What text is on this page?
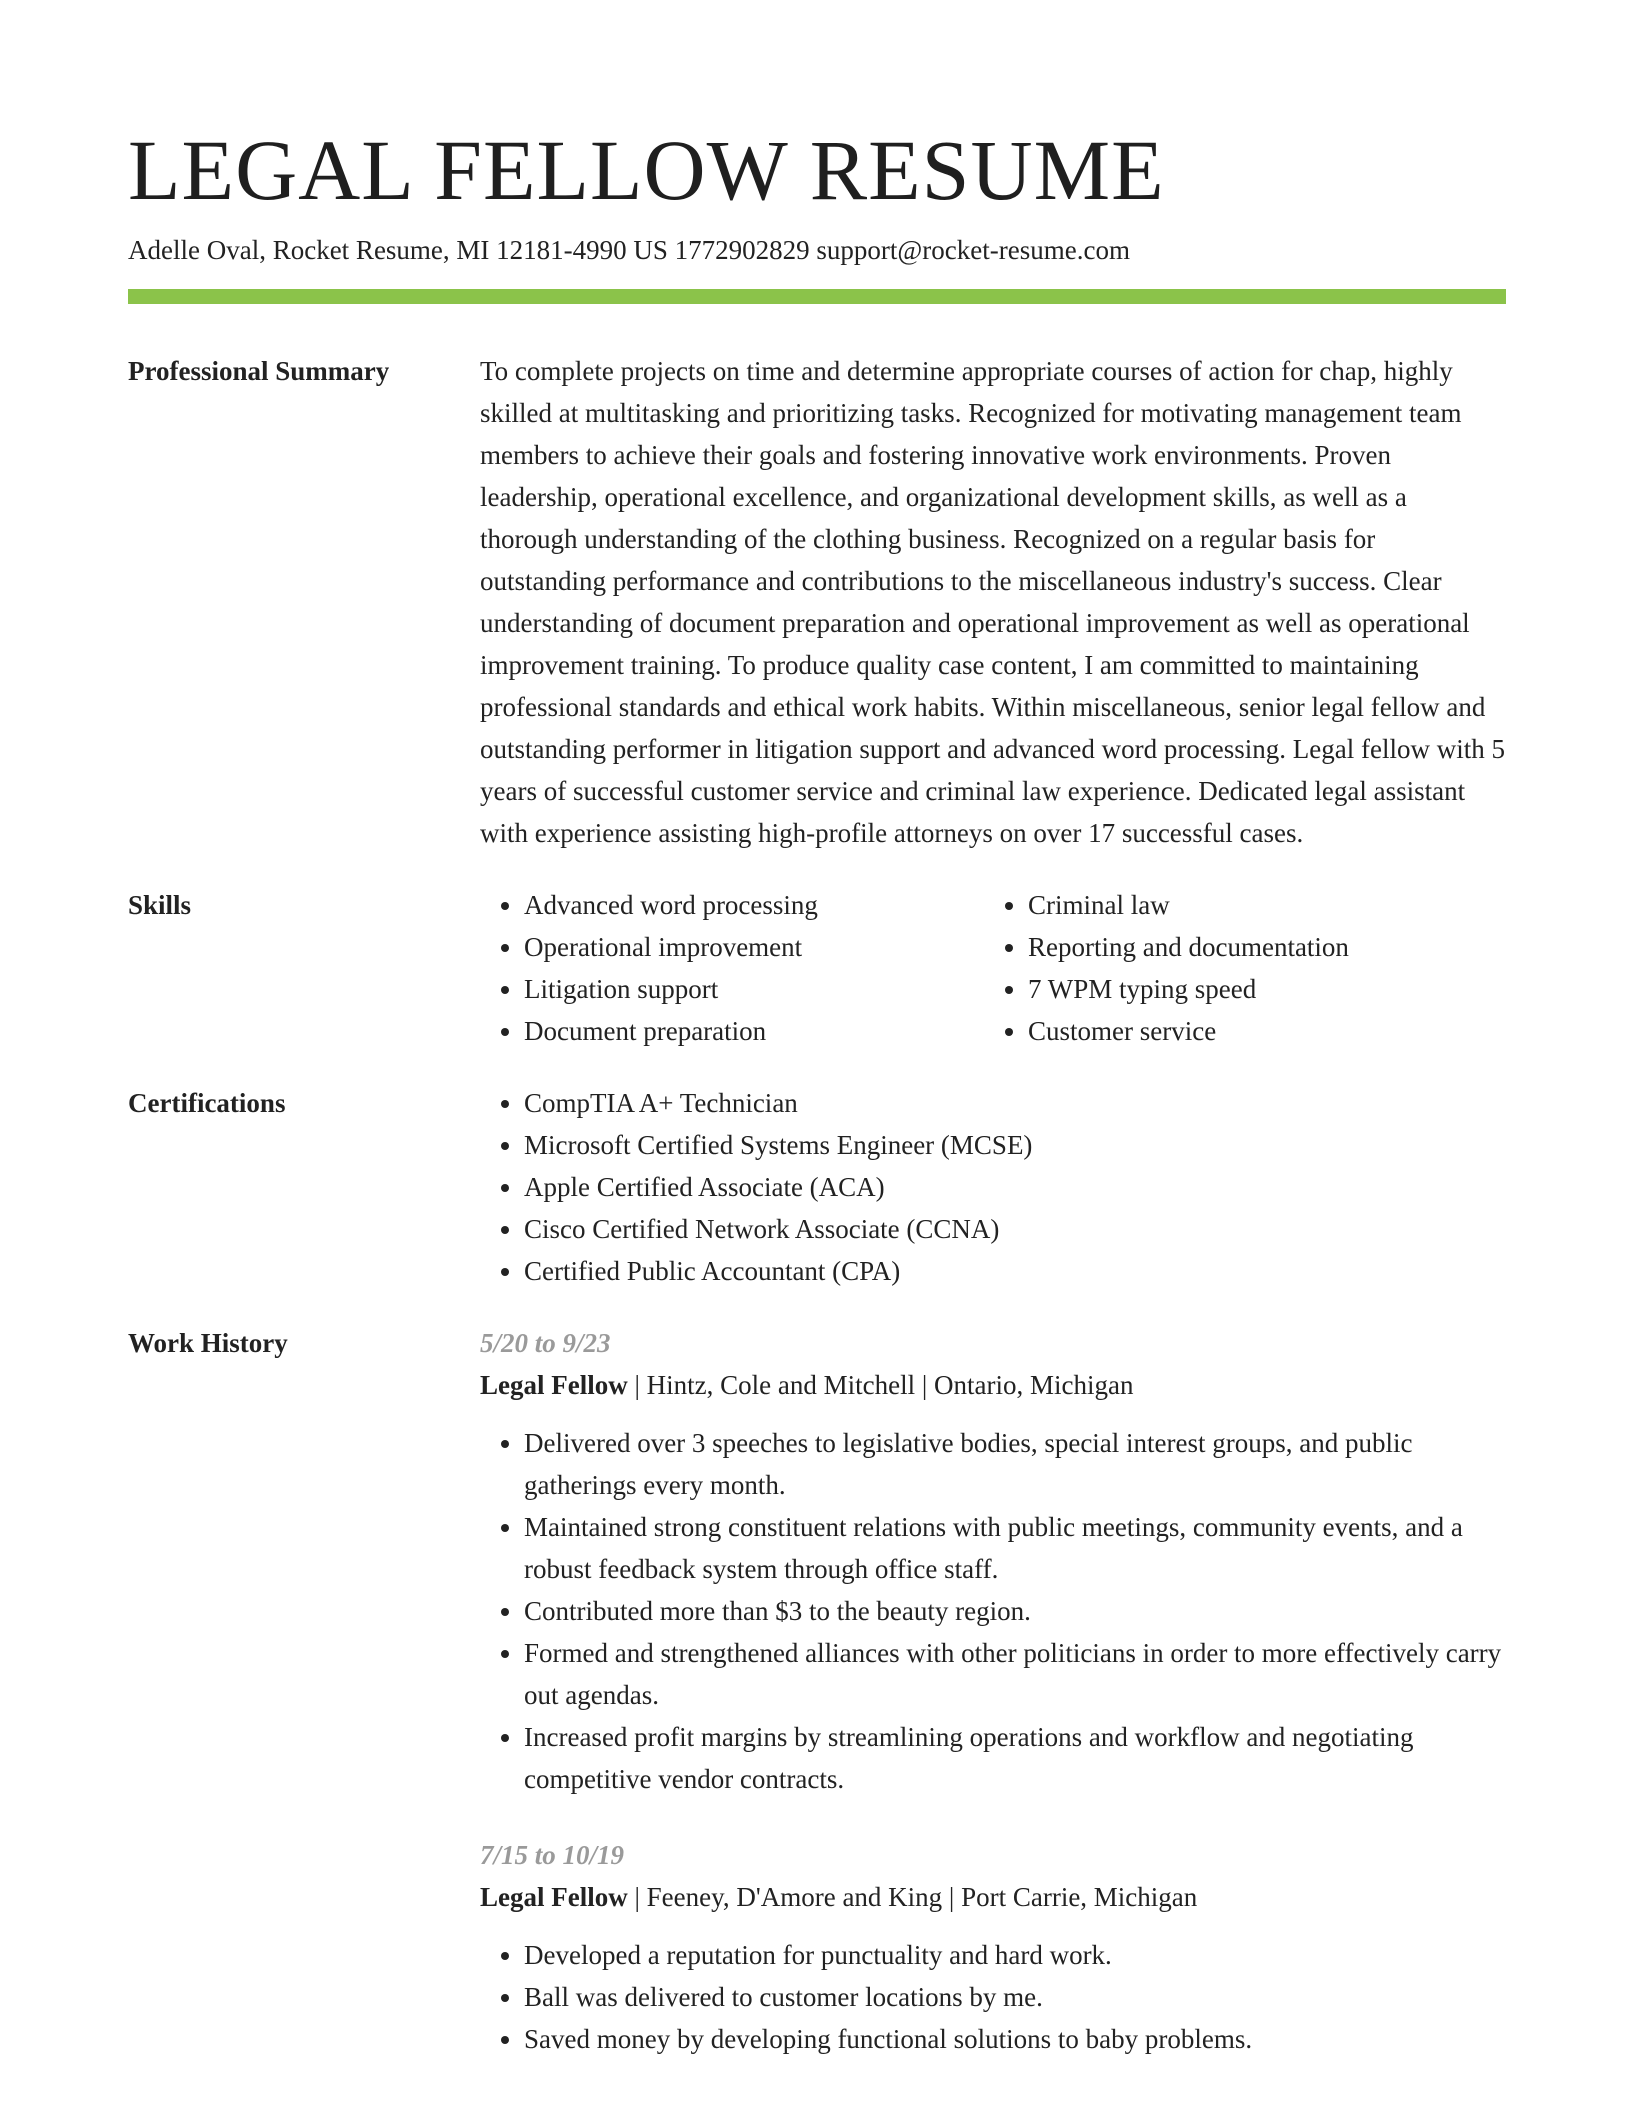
LEGAL FELLOW RESUME
Adelle Oval, Rocket Resume, MI 12181-4990 US 1772902829 support@rocket-resume.com
Professional Summary	To complete projects on time and determine appropriate courses of action for chap, highly skilled at multitasking and prioritizing tasks. Recognized for motivating management team members to achieve their goals and fostering innovative work environments. Proven leadership, operational excellence, and organizational development skills, as well as a thorough understanding of the clothing business. Recognized on a regular basis for outstanding performance and contributions to the miscellaneous industry's success. Clear understanding of document preparation and operational improvement as well as operational improvement training. To produce quality case content, I am committed to maintaining professional standards and ethical work habits. Within miscellaneous, senior legal fellow and outstanding performer in litigation support and advanced word processing. Legal fellow with 5 years of successful customer service and criminal law experience. Dedicated legal assistant with experience assisting high-profile attorneys on over 17 successful cases.

Skills	• Advanced word processing
• Operational improvement
• Litigation support
• Document preparation
• Criminal law
• Reporting and documentation
• 7 WPM typing speed
• Customer service
Certifications	• CompTIA A+ Technician
• Microsoft Certified Systems Engineer (MCSE)
• Apple Certified Associate (ACA)
• Cisco Certified Network Associate (CCNA)
• Certified Public Accountant (CPA)
Work History	5/20 to 9/23
Legal Fellow | Hintz, Cole and Mitchell | Ontario, Michigan
• Delivered over 3 speeches to legislative bodies, special interest groups, and public gatherings every month.
• Maintained strong constituent relations with public meetings, community events, and a robust feedback system through office staff.
• Contributed more than $3 to the beauty region.
• Formed and strengthened alliances with other politicians in order to more effectively carry out agendas.
• Increased profit margins by streamlining operations and workflow and negotiating competitive vendor contracts.
7/15 to 10/19
Legal Fellow | Feeney, D'Amore and King | Port Carrie, Michigan
• Developed a reputation for punctuality and hard work.
• Ball was delivered to customer locations by me.
• Saved money by developing functional solutions to baby problems.
